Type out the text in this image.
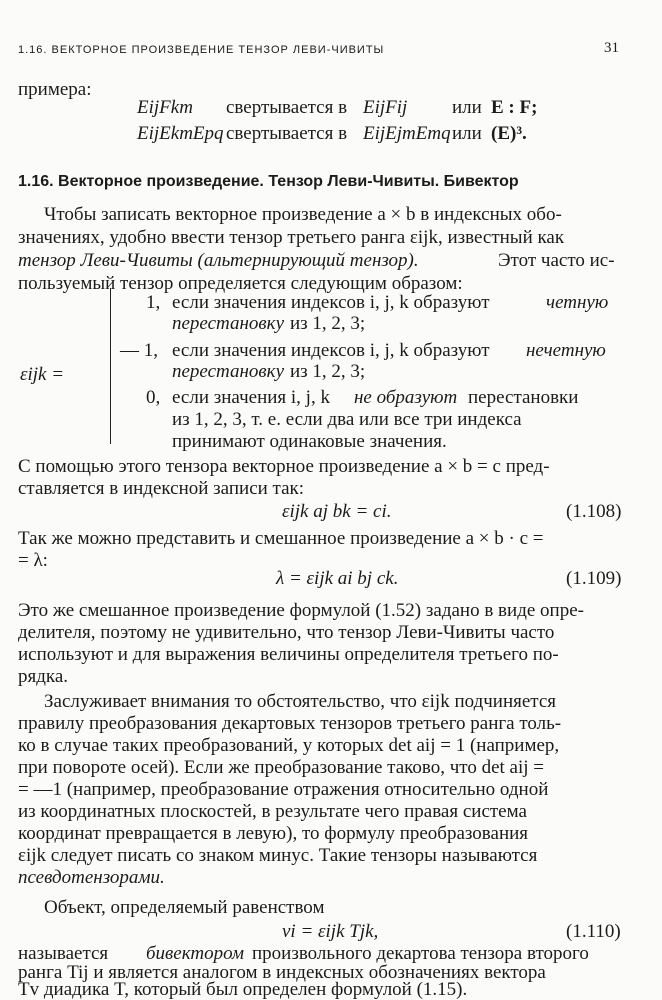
1.16. ВЕКТОРНОЕ ПРОИЗВЕДЕНИЕ ТЕНЗОР ЛЕВИ-ЧИВИТЫ	31
примера:
EijFkm свертывается в EijFij или E : F;
EijEkmEpq свертывается в EijEjmEmq или (E)³.
1.16. Векторное произведение. Тензор Леви-Чивиты. Бивектор
Чтобы записать векторное произведение a × b в индексных обо-
значениях, удобно ввести тензор третьего ранга εijk, известный как
тензор Леви-Чивиты (альтернирующий тензор).	Этот часто ис-
пользуемый тензор определяется следующим образом:
εijk =
1, если значения индексов i, j, k образуют	четную
перестановку из 1, 2, 3;
— 1, если значения индексов i, j, k образуют нечетную
перестановку из 1, 2, 3;
0, если значения i, j, k не образуют перестановки
из 1, 2, 3, т. е. если два или все три индекса
принимают одинаковые значения.
С помощью этого тензора векторное произведение a × b = c пред-
ставляется в индексной записи так:
εijk aj bk = ci.	(1.108)
Так же можно представить и смешанное произведение a × b · c =
= λ:
λ = εijk ai bj ck.	(1.109)
Это же смешанное произведение формулой (1.52) задано в виде опре-
делителя, поэтому не удивительно, что тензор Леви-Чивиты часто
используют и для выражения величины определителя третьего по-
рядка.
Заслуживает внимания то обстоятельство, что εijk подчиняется
правилу преобразования декартовых тензоров третьего ранга толь-
ко в случае таких преобразований, у которых det aij = 1 (например,
при повороте осей). Если же преобразование таково, что det aij =
= —1 (например, преобразование отражения относительно одной
из координатных плоскостей, в результате чего правая система
координат превращается в левую), то формулу преобразования
εijk следует писать со знаком минус. Такие тензоры называются
псевдотензорами.
Объект, определяемый равенством
vi = εijk Tjk,	(1.110)
называется бивектором произвольного декартова тензора второго
ранга Tij и является аналогом в индексных обозначениях вектора
Tv диадика T, который был определен формулой (1.15).
